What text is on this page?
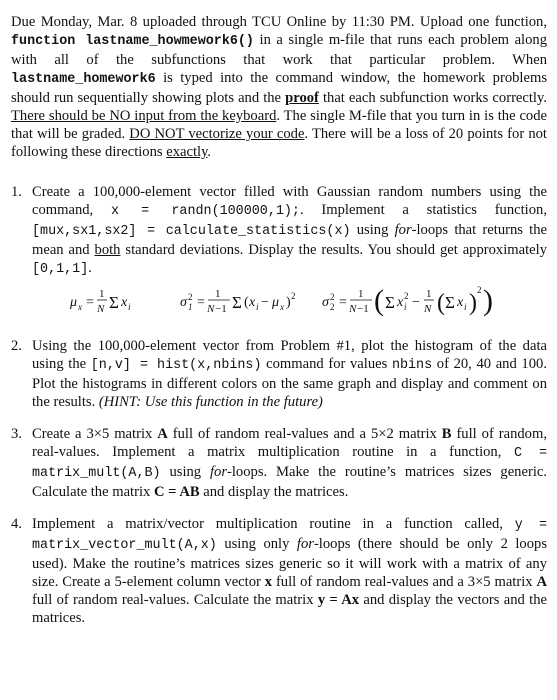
Due Monday, Mar. 8 uploaded through TCU Online by 11:30 PM. Upload one function, function lastname_howmework6() in a single m-file that runs each problem along with all of the subfunctions that work that particular problem. When lastname_homework6 is typed into the command window, the homework problems should run sequentially showing plots and the proof that each subfunction works correctly. There should be NO input from the keyboard. The single M-file that you turn in is the code that will be graded. DO NOT vectorize your code. There will be a loss of 20 points for not following these directions exactly.

1. Create a 100,000-element vector filled with Gaussian random numbers using the command, x = randn(100000,1);. Implement a statistics function, [mux,sx1,sx2] = calculate_statistics(x) using for-loops that returns the mean and both standard deviations. Display the results. You should get approximately [0,1,1].
μ x =
1
N Σ x i	σ 2
1 =
1
N −1 Σ ( x i − μ x ) 2 σ 2
2 =
1
N −1 ( Σ x 2
i −
1
N ( Σ x i ) 2 )
2. Using the 100,000-element vector from Problem #1, plot the histogram of the data using the [n,v] = hist(x,nbins) command for values nbins of 20, 40 and 100. Plot the histograms in different colors on the same graph and display and comment on the results. (HINT: Use this function in the future)
3. Create a 3×5 matrix A full of random real-values and a 5×2 matrix B full of random, real-values. Implement a matrix multiplication routine in a function, C = matrix_mult(A,B) using for-loops. Make the routine’s matrices sizes generic. Calculate the matrix C = AB and display the matrices.
4. Implement a matrix/vector multiplication routine in a function called, y = matrix_vector_mult(A,x) using only for-loops (there should be only 2 loops used). Make the routine’s matrices sizes generic so it will work with a matrix of any size. Create a 5-element column vector x full of random real-values and a 3×5 matrix A full of random real-values. Calculate the matrix y = Ax and display the vectors and the matrices.
